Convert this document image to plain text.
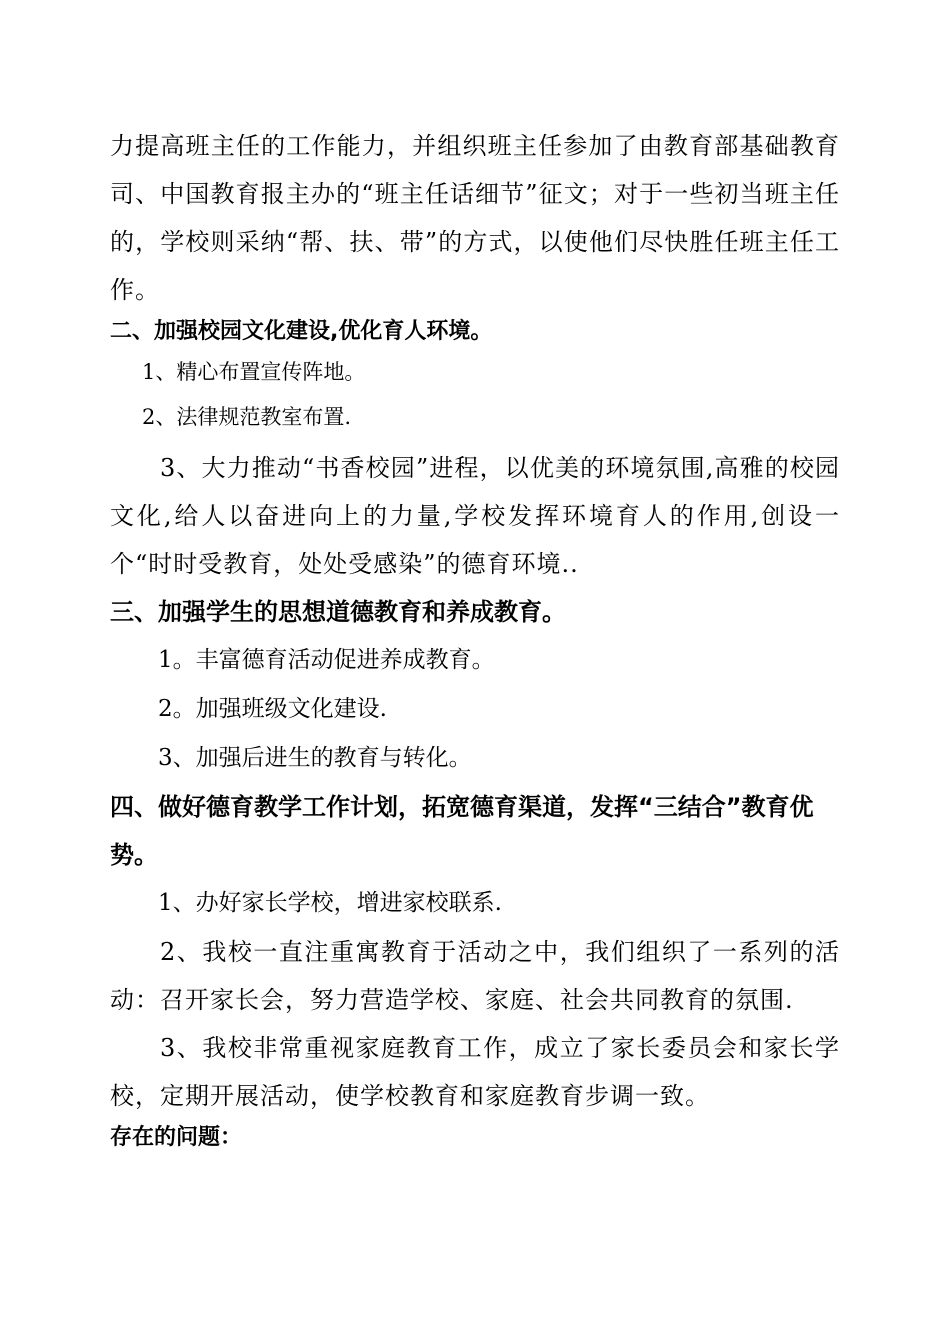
力提高班主任的工作能力，并组织班主任参加了由教育部基础教育司、中国教育报主办的“班主任话细节”征文；对于一些初当班主任的，学校则采纳“帮、扶、带”的方式，以使他们尽快胜任班主任工作。

二、加强校园文化建设,优化育人环境。

1、精心布置宣传阵地。

2、法律规范教室布置.

3、大力推动“书香校园”进程，以优美的环境氛围,高雅的校园文化,给人以奋进向上的力量,学校发挥环境育人的作用,创设一个“时时受教育，处处受感染”的德育环境..

三、加强学生的思想道德教育和养成教育。

1。丰富德育活动促进养成教育。

2。加强班级文化建设.

3、加强后进生的教育与转化。

四、做好德育教学工作计划，拓宽德育渠道，发挥“三结合”教育优势。

1、办好家长学校，增进家校联系.

2、我校一直注重寓教育于活动之中，我们组织了一系列的活动：召开家长会，努力营造学校、家庭、社会共同教育的氛围.

3、我校非常重视家庭教育工作，成立了家长委员会和家长学校，定期开展活动，使学校教育和家庭教育步调一致。

存在的问题：
